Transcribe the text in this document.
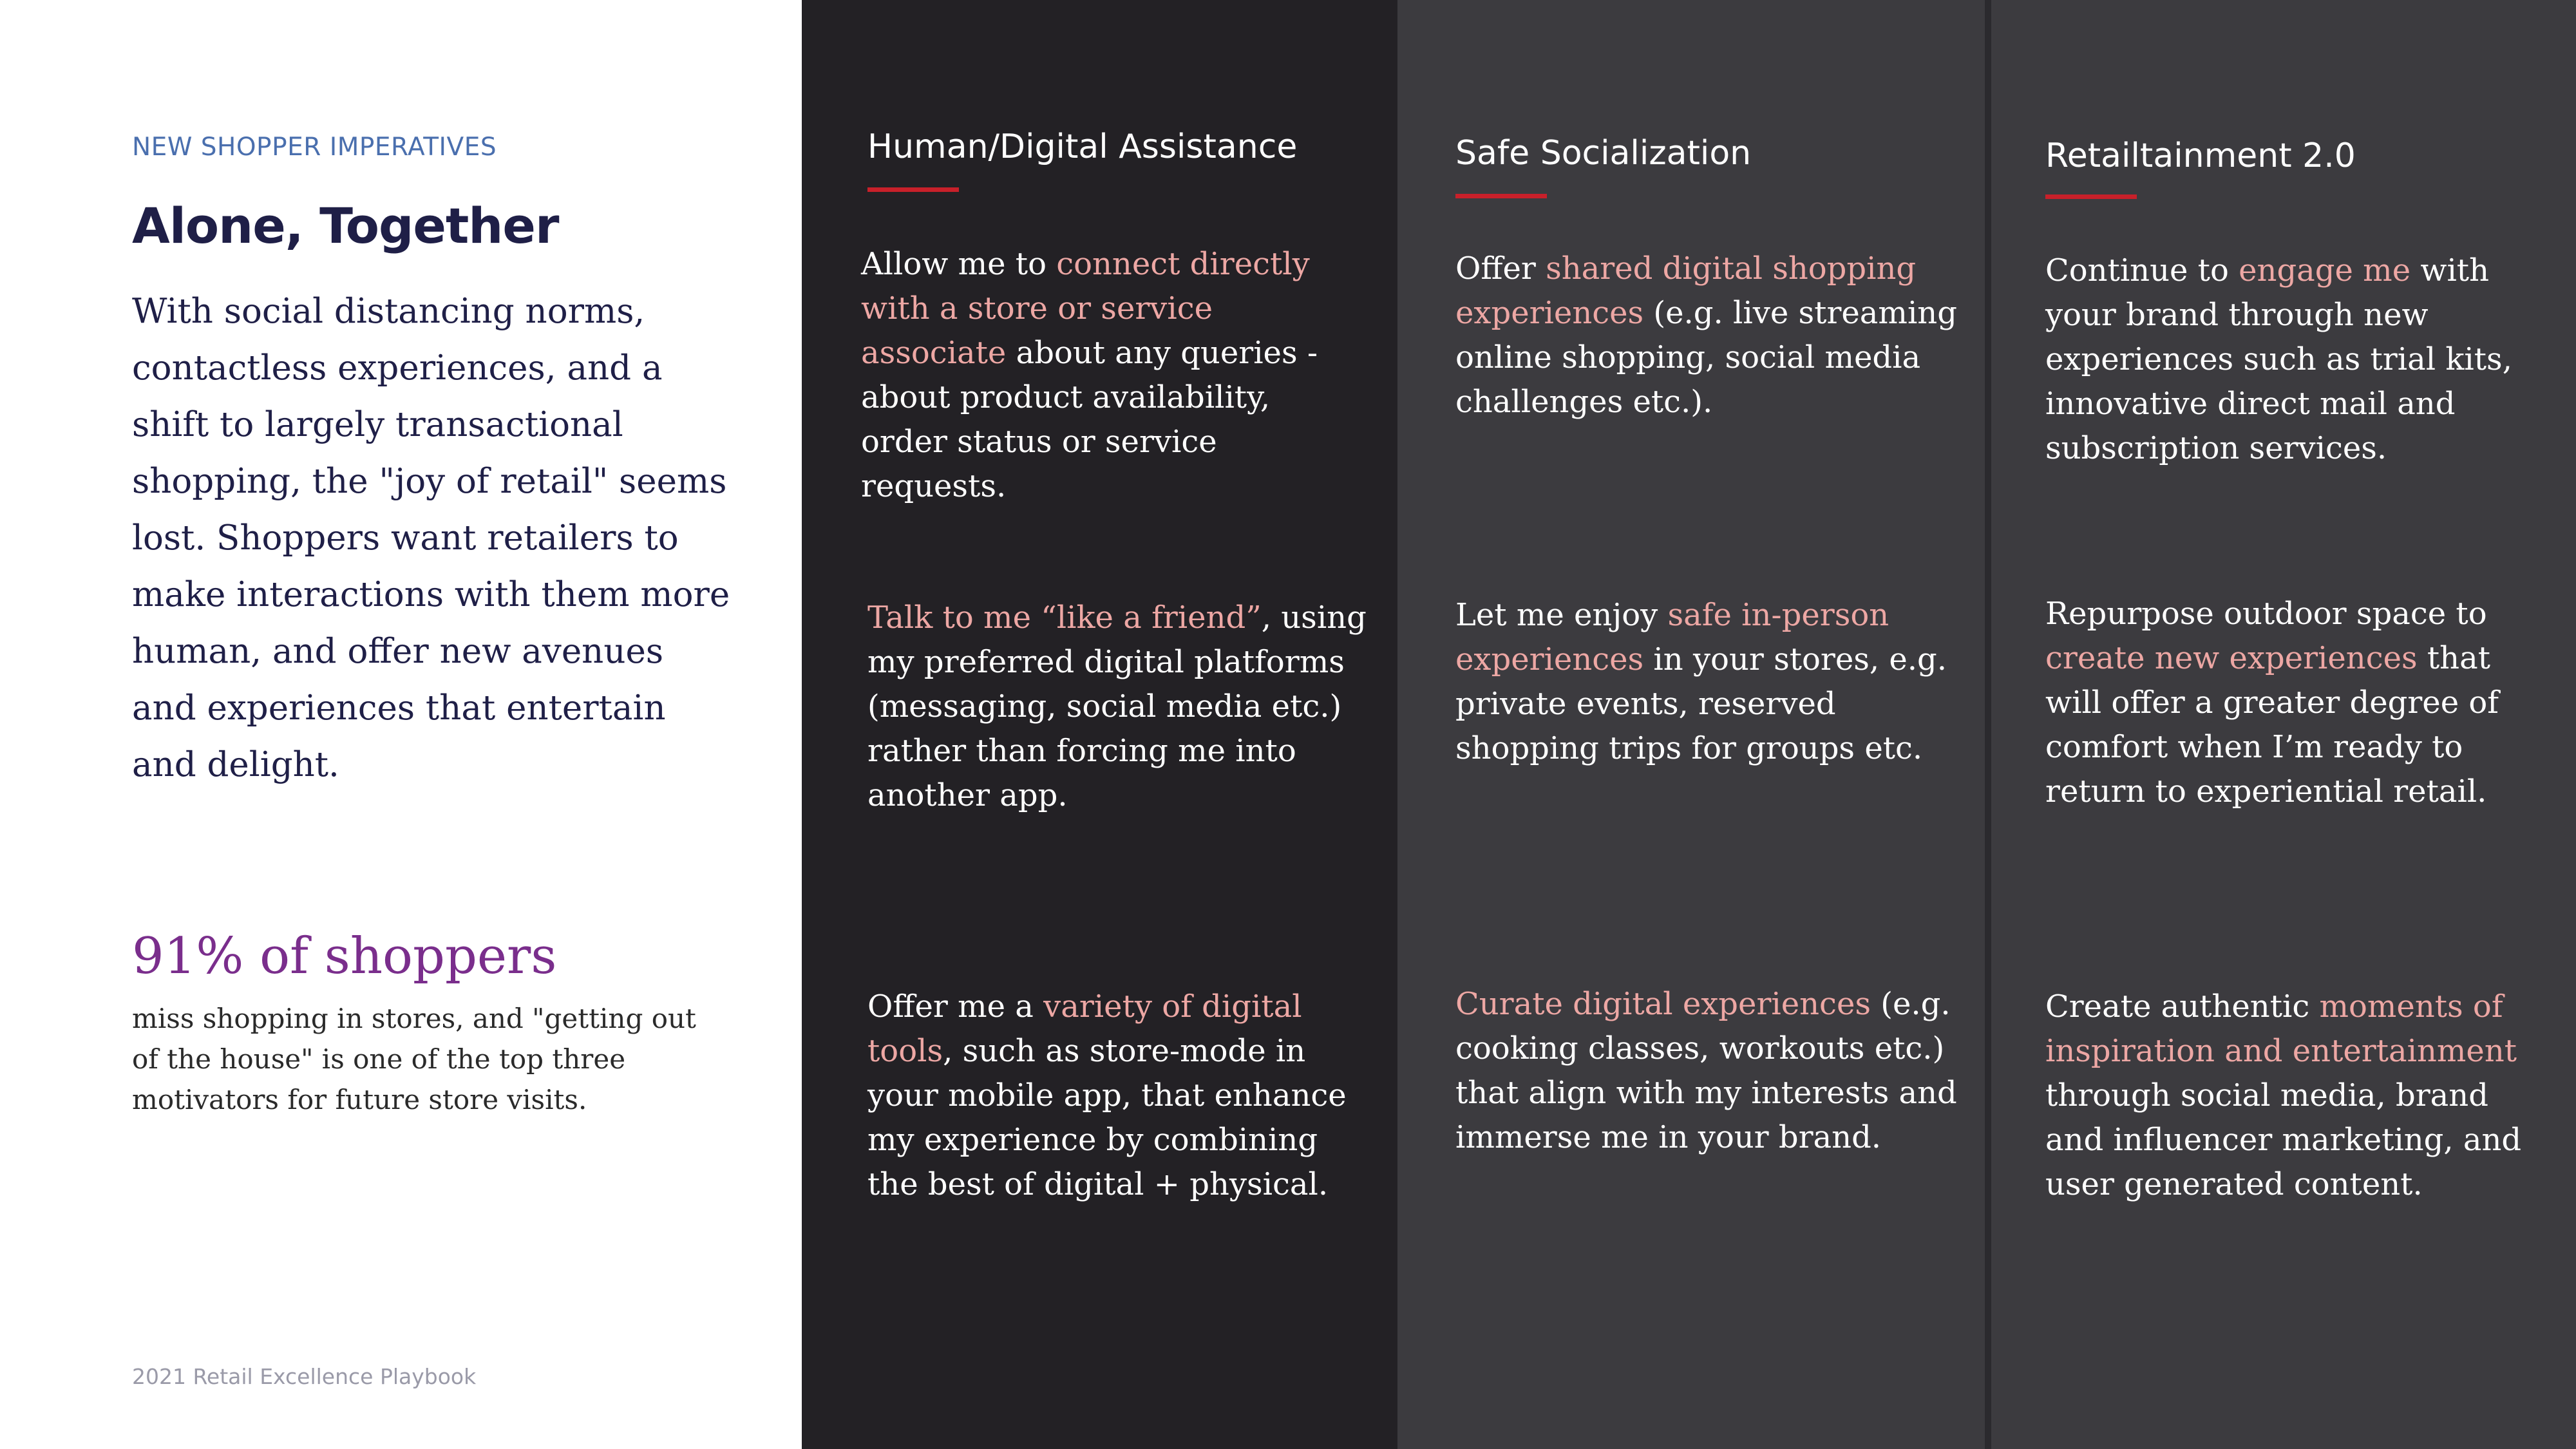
NEW SHOPPER IMPERATIVES
Alone, Together
With social distancing norms, contactless experiences, and a shift to largely transactional shopping, the "joy of retail" seems lost. Shoppers want retailers to make interactions with them more human, and offer new avenues and experiences that entertain and delight.
91% of shoppers
miss shopping in stores, and "getting out of the house" is one of the top three motivators for future store visits.
2021 Retail Excellence Playbook
Human/Digital Assistance
Allow me to connect directly with a store or service associate about any queries - about product availability, order status or service requests.
Talk to me “like a friend”, using my preferred digital platforms (messaging, social media etc.) rather than forcing me into another app.
Offer me a variety of digital tools, such as store-mode in your mobile app, that enhance my experience by combining the best of digital + physical.
Safe Socialization
Offer shared digital shopping experiences (e.g. live streaming online shopping, social media challenges etc.).
Let me enjoy safe in-person experiences in your stores, e.g. private events, reserved shopping trips for groups etc.
Curate digital experiences (e.g. cooking classes, workouts etc.) that align with my interests and immerse me in your brand.
Retailtainment 2.0
Continue to engage me with your brand through new experiences such as trial kits, innovative direct mail and subscription services.
Repurpose outdoor space to create new experiences that will offer a greater degree of comfort when I’m ready to return to experiential retail.
Create authentic moments of inspiration and entertainment through social media, brand and influencer marketing, and user generated content.
